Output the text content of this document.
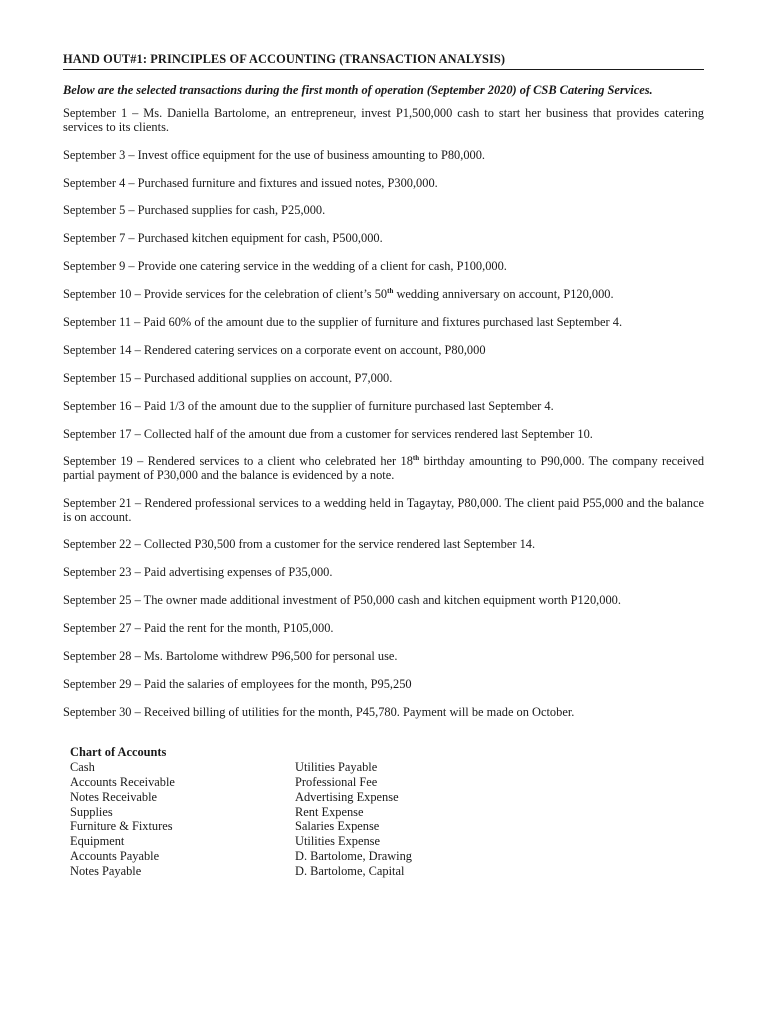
HAND OUT#1: PRINCIPLES OF ACCOUNTING (TRANSACTION ANALYSIS)

Below are the selected transactions during the first month of operation (September 2020) of CSB Catering Services.

September 1 – Ms. Daniella Bartolome, an entrepreneur, invest P1,500,000 cash to start her business that provides catering services to its clients.

September 3 – Invest office equipment for the use of business amounting to P80,000.

September 4 – Purchased furniture and fixtures and issued notes, P300,000.

September 5 – Purchased supplies for cash, P25,000.

September 7 – Purchased kitchen equipment for cash, P500,000.

September 9 – Provide one catering service in the wedding of a client for cash, P100,000.

September 10 – Provide services for the celebration of client’s 50th wedding anniversary on account, P120,000.

September 11 – Paid 60% of the amount due to the supplier of furniture and fixtures purchased last September 4.

September 14 – Rendered catering services on a corporate event on account, P80,000

September 15 – Purchased additional supplies on account, P7,000.

September 16 – Paid 1/3 of the amount due to the supplier of furniture purchased last September 4.

September 17 – Collected half of the amount due from a customer for services rendered last September 10.

September 19 – Rendered services to a client who celebrated her 18th birthday amounting to P90,000. The company received partial payment of P30,000 and the balance is evidenced by a note.

September 21 – Rendered professional services to a wedding held in Tagaytay, P80,000. The client paid P55,000 and the balance is on account.

September 22 – Collected P30,500 from a customer for the service rendered last September 14.

September 23 – Paid advertising expenses of P35,000.

September 25 – The owner made additional investment of P50,000 cash and kitchen equipment worth P120,000.

September 27 – Paid the rent for the month, P105,000.

September 28 – Ms. Bartolome withdrew P96,500 for personal use.

September 29 – Paid the salaries of employees for the month, P95,250

September 30 – Received billing of utilities for the month, P45,780. Payment will be made on October.

Chart of Accounts

Cash

Accounts Receivable

Notes Receivable

Supplies

Furniture & Fixtures

Equipment

Accounts Payable

Notes Payable

Utilities Payable

Professional Fee

Advertising Expense

Rent Expense

Salaries Expense

Utilities Expense

D. Bartolome, Drawing

D. Bartolome, Capital
